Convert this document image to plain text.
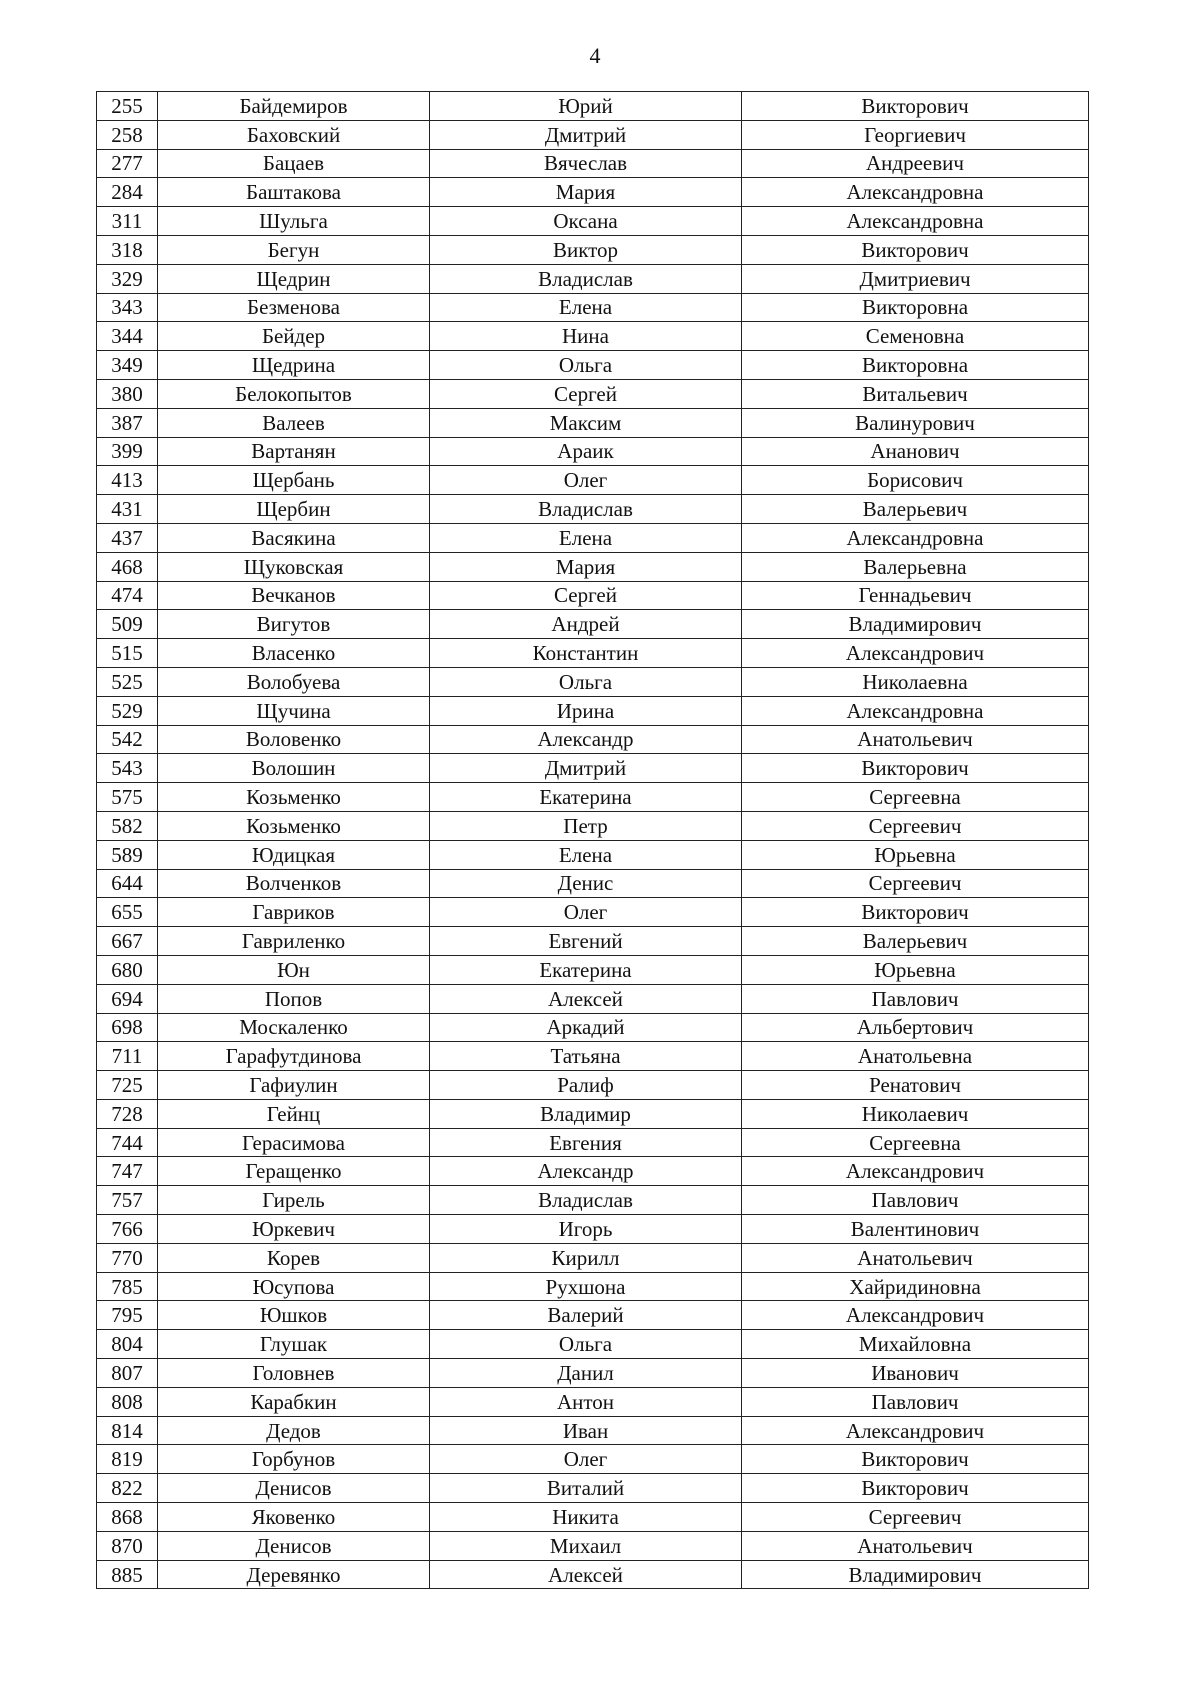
4
255	Байдемиров	Юрий	Викторович
258	Баховский	Дмитрий	Георгиевич
277	Бацаев	Вячеслав	Андреевич
284	Баштакова	Мария	Александровна
311	Шульга	Оксана	Александровна
318	Бегун	Виктор	Викторович
329	Щедрин	Владислав	Дмитриевич
343	Безменова	Елена	Викторовна
344	Бейдер	Нина	Семеновна
349	Щедрина	Ольга	Викторовна
380	Белокопытов	Сергей	Витальевич
387	Валеев	Максим	Валинурович
399	Вартанян	Араик	Ананович
413	Щербань	Олег	Борисович
431	Щербин	Владислав	Валерьевич
437	Васякина	Елена	Александровна
468	Щуковская	Мария	Валерьевна
474	Вечканов	Сергей	Геннадьевич
509	Вигутов	Андрей	Владимирович
515	Власенко	Константин	Александрович
525	Волобуева	Ольга	Николаевна
529	Щучина	Ирина	Александровна
542	Воловенко	Александр	Анатольевич
543	Волошин	Дмитрий	Викторович
575	Козьменко	Екатерина	Сергеевна
582	Козьменко	Петр	Сергеевич
589	Юдицкая	Елена	Юрьевна
644	Волченков	Денис	Сергеевич
655	Гавриков	Олег	Викторович
667	Гавриленко	Евгений	Валерьевич
680	Юн	Екатерина	Юрьевна
694	Попов	Алексей	Павлович
698	Москаленко	Аркадий	Альбертович
711	Гарафутдинова	Татьяна	Анатольевна
725	Гафиулин	Ралиф	Ренатович
728	Гейнц	Владимир	Николаевич
744	Герасимова	Евгения	Сергеевна
747	Геращенко	Александр	Александрович
757	Гирель	Владислав	Павлович
766	Юркевич	Игорь	Валентинович
770	Корев	Кирилл	Анатольевич
785	Юсупова	Рухшона	Хайридиновна
795	Юшков	Валерий	Александрович
804	Глушак	Ольга	Михайловна
807	Головнев	Данил	Иванович
808	Карабкин	Антон	Павлович
814	Дедов	Иван	Александрович
819	Горбунов	Олег	Викторович
822	Денисов	Виталий	Викторович
868	Яковенко	Никита	Сергеевич
870	Денисов	Михаил	Анатольевич
885	Деревянко	Алексей	Владимирович
